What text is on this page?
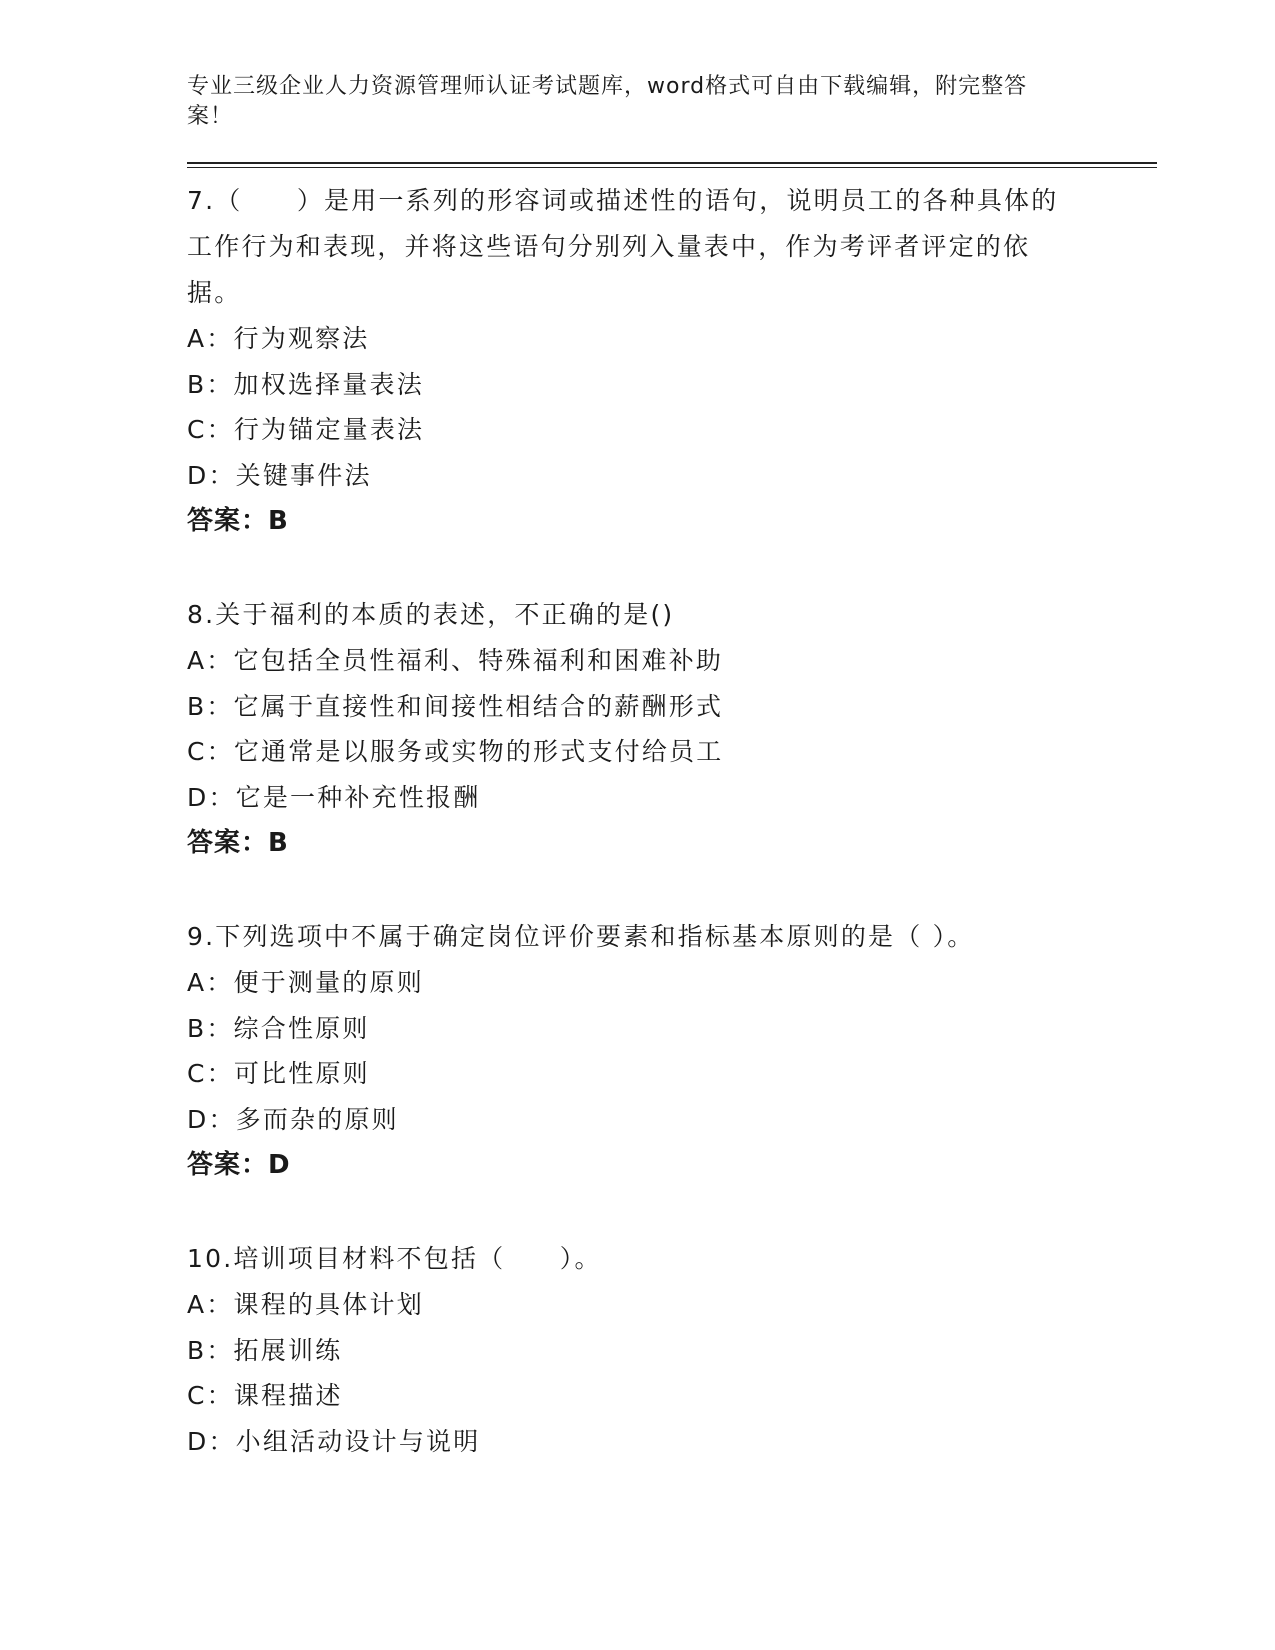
专业三级企业人力资源管理师认证考试题库，word格式可自由下载编辑，附完整答案！
7.（　　）是用一系列的形容词或描述性的语句，说明员工的各种具体的工作行为和表现，并将这些语句分别列入量表中，作为考评者评定的依据。
A：行为观察法
B：加权选择量表法
C：行为锚定量表法
D：关键事件法
答案：B
8.关于福利的本质的表述，不正确的是()
A：它包括全员性福利、特殊福利和困难补助
B：它属于直接性和间接性相结合的薪酬形式
C：它通常是以服务或实物的形式支付给员工
D：它是一种补充性报酬
答案：B
9.下列选项中不属于确定岗位评价要素和指标基本原则的是（ ）。
A：便于测量的原则
B：综合性原则
C：可比性原则
D：多而杂的原则
答案：D
10.培训项目材料不包括（　　）。
A：课程的具体计划
B：拓展训练
C：课程描述
D：小组活动设计与说明
